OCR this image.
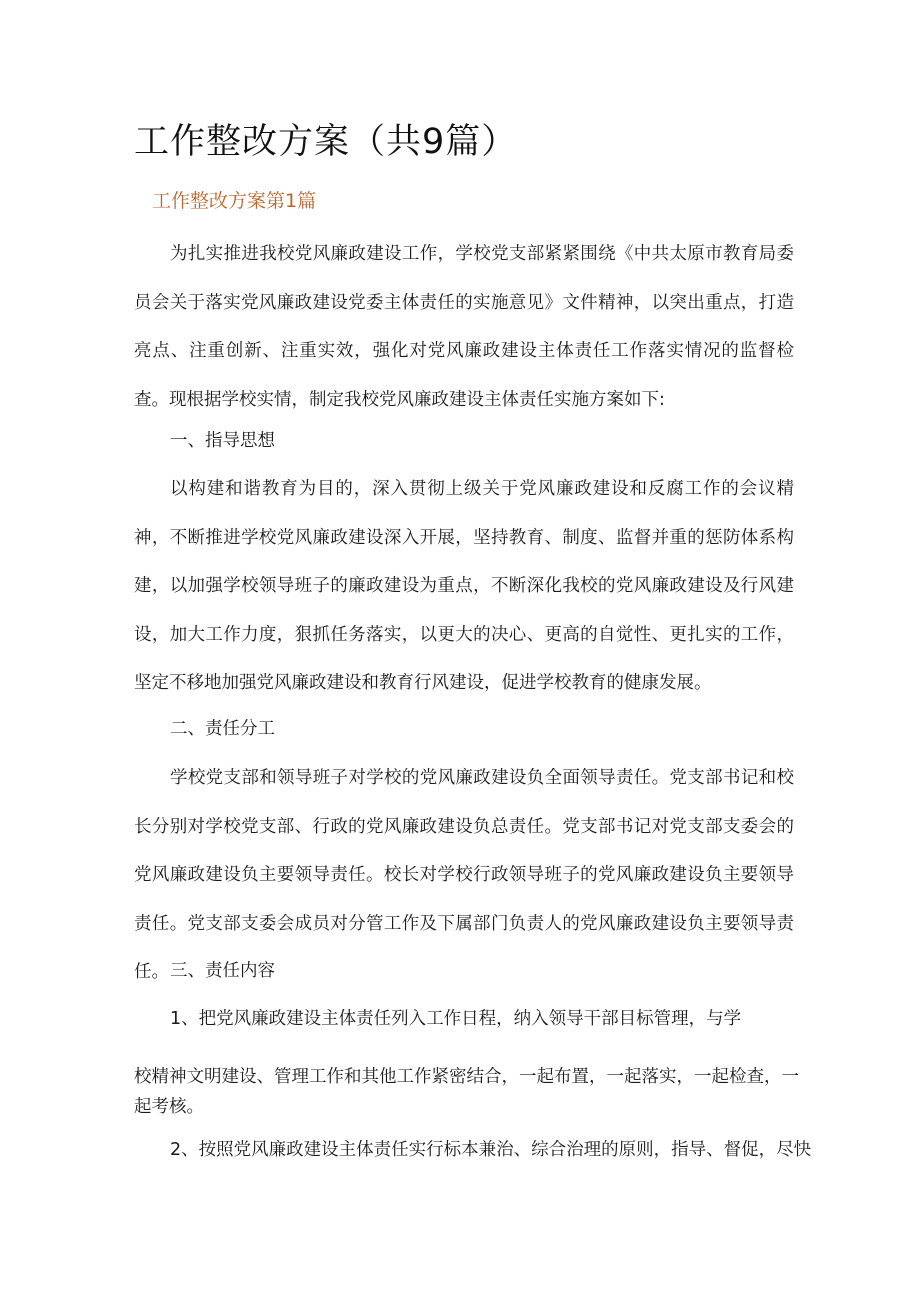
工作整改方案（共9篇）
工作整改方案第1篇
为扎实推进我校党风廉政建设工作，学校党支部紧紧围绕《中共太原市教育局委员会关于落实党风廉政建设党委主体责任的实施意见》文件精神，以突出重点，打造亮点、注重创新、注重实效，强化对党风廉政建设主体责任工作落实情况的监督检查。现根据学校实情，制定我校党风廉政建设主体责任实施方案如下:
一、指导思想
以构建和谐教育为目的，深入贯彻上级关于党风廉政建设和反腐工作的会议精神，不断推进学校党风廉政建设深入开展，坚持教育、制度、监督并重的惩防体系构建，以加强学校领导班子的廉政建设为重点，不断深化我校的党风廉政建设及行风建设，加大工作力度，狠抓任务落实，以更大的决心、更高的自觉性、更扎实的工作，坚定不移地加强党风廉政建设和教育行风建设，促进学校教育的健康发展。
二、责任分工
学校党支部和领导班子对学校的党风廉政建设负全面领导责任。党支部书记和校长分别对学校党支部、行政的党风廉政建设负总责任。党支部书记对党支部支委会的党风廉政建设负主要领导责任。校长对学校行政领导班子的党风廉政建设负主要领导责任。党支部支委会成员对分管工作及下属部门负责人的党风廉政建设负主要领导责任。 三、责任内容
1、把党风廉政建设主体责任列入工作日程，纳入领导干部目标管理，与学
校精神文明建设、管理工作和其他工作紧密结合，一起布置，一起落实，一起检查，一
起考核。
2、按照党风廉政建设主体责任实行标本兼治、综合治理的原则，指导、督促，尽快
